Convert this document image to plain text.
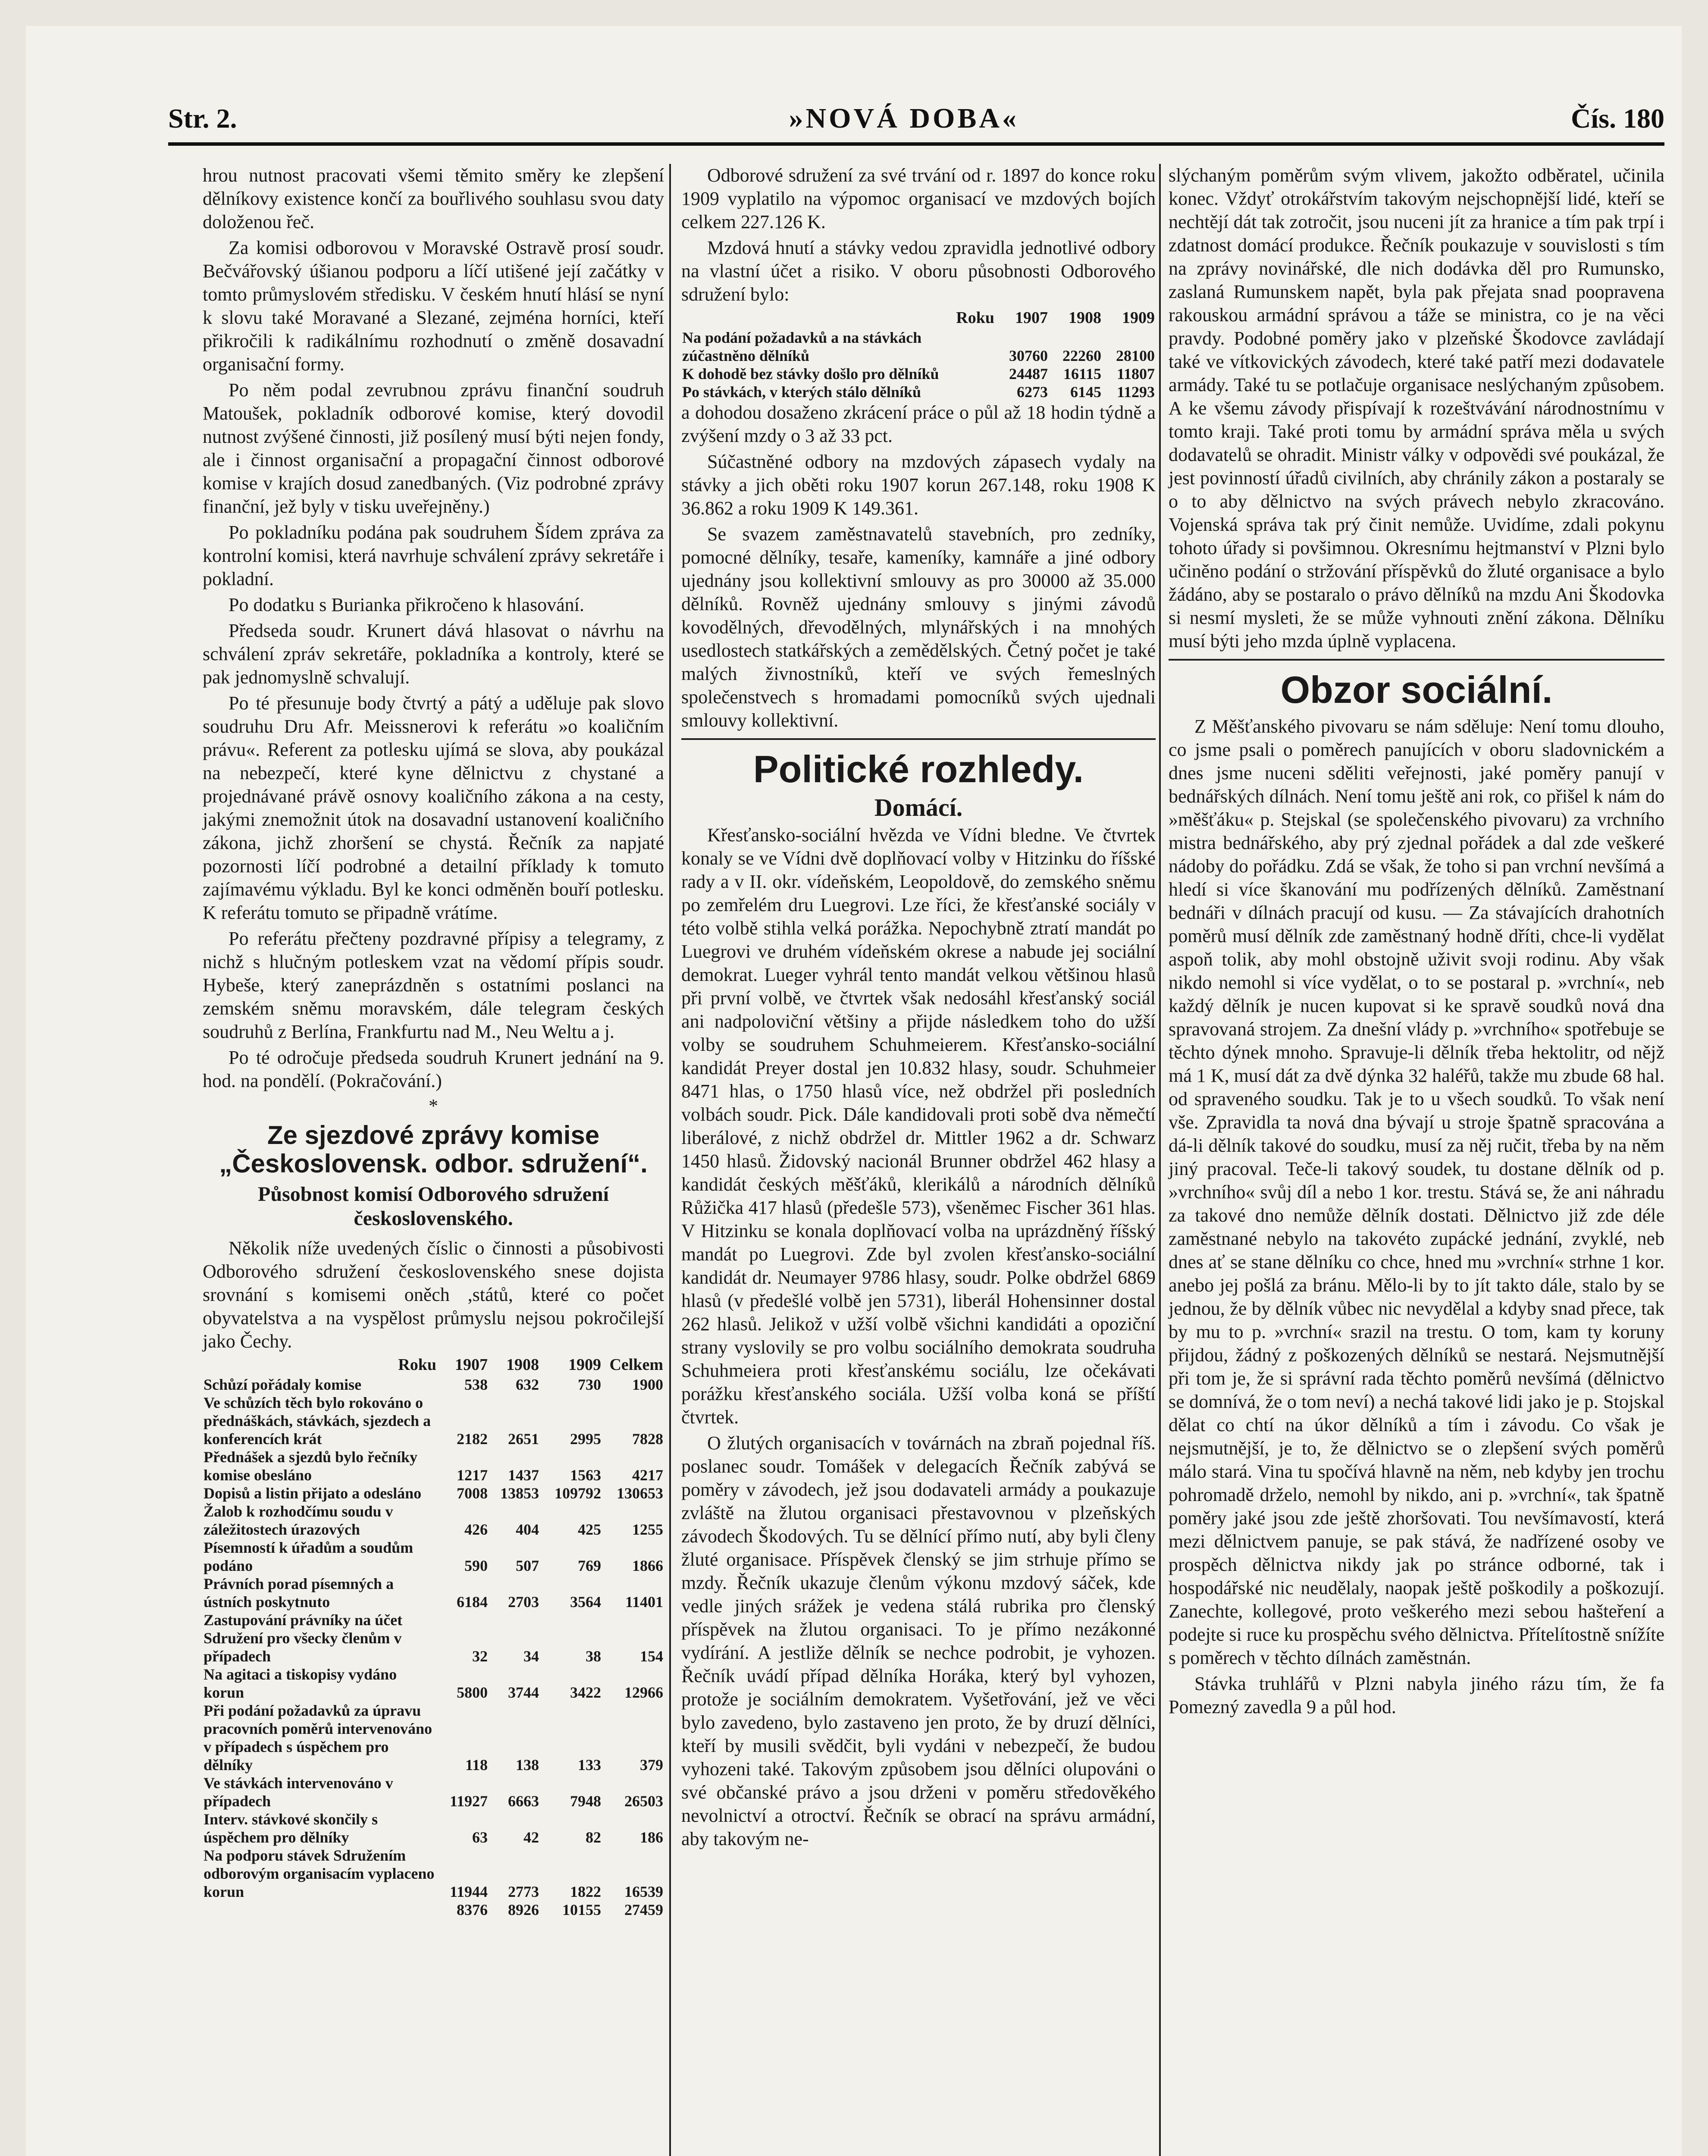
Str. 2.	»NOVÁ DOBA«	Čís. 180

hrou nutnost pracovati všemi těmito směry ke zlepšení dělníkovy existence končí za bouřlivého souhlasu svou daty doloženou řeč.

Za komisi odborovou v Moravské Ostravě prosí soudr. Bečvářovský úšianou podporu a líčí utišené její začátky v tomto průmyslovém středisku. V českém hnutí hlásí se nyní k slovu také Moravané a Slezané, zejména horníci, kteří přikročili k radikálnímu rozhodnutí o změně dosavadní organisační formy.

Po něm podal zevrubnou zprávu finanční soudruh Matoušek, pokladník odborové komise, který dovodil nutnost zvýšené činnosti, již posílený musí býti nejen fondy, ale i činnost organisační a propagační činnost odborové komise v krajích dosud zanedbaných. (Viz podrobné zprávy finanční, jež byly v tisku uveřejněny.)

Po pokladníku podána pak soudruhem Šídem zpráva za kontrolní komisi, která navrhuje schválení zprávy sekretáře i pokladní.

Po dodatku s Burianka přikročeno k hlasování.

Předseda soudr. Krunert dává hlasovat o návrhu na schválení zpráv sekretáře, pokladníka a kontroly, které se pak jednomyslně schvalují.

Po té přesunuje body čtvrtý a pátý a uděluje pak slovo soudruhu Dru Afr. Meissnerovi k referátu »o koaličním právu«. Referent za potlesku ujímá se slova, aby poukázal na nebezpečí, které kyne dělnictvu z chystané a projednávané právě osnovy koaličního zákona a na cesty, jakými znemožnit útok na dosavadní ustanovení koaličního zákona, jichž zhoršení se chystá. Řečník za napjaté pozornosti líčí podrobné a detailní příklady k tomuto zajímavému výkladu. Byl ke konci odměněn bouří potlesku. K referátu tomuto se připadně vrátíme.

Po referátu přečteny pozdravné přípisy a telegramy, z nichž s hlučným potleskem vzat na vědomí přípis soudr. Hybeše, který zaneprázdněn s ostatními poslanci na zemském sněmu moravském, dále telegram českých soudruhů z Berlína, Frankfurtu nad M., Neu Weltu a j.

Po té odročuje předseda soudruh Krunert jednání na 9. hod. na pondělí. (Pokračování.)

*
Ze sjezdové zprávy komise „Československ. odbor. sdružení“.
Působnost komisí Odborového sdružení československého.

Několik níže uvedených číslic o činnosti a působivosti Odborového sdružení československého snese dojista srovnání s komisemi oněch ,států, které co počet obyvatelstva a na vyspělost průmyslu nejsou pokročilejší jako Čechy.

Roku	1907	1908	1909	Celkem
Schůzí pořádaly komise	538	632	730	1900
Ve schůzích těch bylo rokováno o přednáškách, stávkách, sjezdech a konferencích krát	2182	2651	2995	7828
Přednášek a sjezdů bylo řečníky komise obesláno	1217	1437	1563	4217
Dopisů a listin přijato a odesláno	7008	13853	109792	130653
Žalob k rozhodčímu soudu v záležitostech úrazových	426	404	425	1255
Písemností k úřadům a soudům podáno	590	507	769	1866
Právních porad písemných a ústních poskytnuto	6184	2703	3564	11401
Zastupování právníky na účet Sdružení pro všecky členům v případech	32	34	38	154
Na agitaci a tiskopisy vydáno korun	5800	3744	3422	12966
Při podání požadavků za úpravu pracovních poměrů intervenováno v případech s úspěchem pro dělníky	118	138	133	379
Ve stávkách intervenováno v případech	11927	6663	7948	26503
Interv. stávkové skončily s úspěchem pro dělníky	63	42	82	186
Na podporu stávek Sdružením odborovým organisacím vyplaceno korun	11944	2773	1822	16539
	8376	8926	10155	27459

Odborové sdružení za své trvání od r. 1897 do konce roku 1909 vyplatilo na výpomoc organisací ve mzdových bojích celkem 227.126 K.

Mzdová hnutí a stávky vedou zpravidla jednotlivé odbory na vlastní účet a risiko. V oboru působnosti Odborového sdružení bylo:

Roku	1907	1908	1909
Na podání požadavků a na stávkách zúčastněno dělníků	30760	22260	28100
K dohodě bez stávky došlo pro dělníků	24487	16115	11807
Po stávkách, v kterých stálo dělníků	6273	6145	11293

a dohodou dosaženo zkrácení práce o půl až 18 hodin týdně a zvýšení mzdy o 3 až 33 pct.

Súčastněné odbory na mzdových zápasech vydaly na stávky a jich oběti roku 1907 korun 267.148, roku 1908 K 36.862 a roku 1909 K 149.361.

Se svazem zaměstnavatelů stavebních, pro zedníky, pomocné dělníky, tesaře, kameníky, kamnáře a jiné odbory ujednány jsou kollektivní smlouvy as pro 30000 až 35.000 dělníků. Rovněž ujednány smlouvy s jinými závodů kovodělných, dřevodělných, mlynářských i na mnohých usedlostech statkářských a zemědělských. Četný počet je také malých živnostníků, kteří ve svých řemeslných společenstvech s hromadami pomocníků svých ujednali smlouvy kollektivní.

Politické rozhledy.
Domácí.

Křesťansko-sociální hvězda ve Vídni bledne. Ve čtvrtek konaly se ve Vídni dvě doplňovací volby v Hitzinku do říšské rady a v II. okr. vídeňském, Leopoldově, do zemského sněmu po zemřelém dru Luegrovi. Lze říci, že křesťanské sociály v této volbě stihla velká porážka. Nepochybně ztratí mandát po Luegrovi ve druhém vídeňském okrese a nabude jej sociální demokrat. Lueger vyhrál tento mandát velkou většinou hlasů při první volbě, ve čtvrtek však nedosáhl křesťanský sociál ani nadpoloviční většiny a přijde následkem toho do užší volby se soudruhem Schuhmeierem. Křesťansko-sociální kandidát Preyer dostal jen 10.832 hlasy, soudr. Schuhmeier 8471 hlas, o 1750 hlasů více, než obdržel při posledních volbách soudr. Pick. Dále kandidovali proti sobě dva němečtí liberálové, z nichž obdržel dr. Mittler 1962 a dr. Schwarz 1450 hlasů. Židovský nacionál Brunner obdržel 462 hlasy a kandidát českých měšťáků, klerikálů a národních dělníků Růžička 417 hlasů (předešle 573), všeněmec Fischer 361 hlas. V Hitzinku se konala doplňovací volba na uprázdněný říšský mandát po Luegrovi. Zde byl zvolen křesťansko-sociální kandidát dr. Neumayer 9786 hlasy, soudr. Polke obdržel 6869 hlasů (v předešlé volbě jen 5731), liberál Hohensinner dostal 262 hlasů. Jelikož v užší volbě všichni kandidáti a opoziční strany vyslovily se pro volbu sociálního demokrata soudruha Schuhmeiera proti křesťanskému sociálu, lze očekávati porážku křesťanského sociála. Užší volba koná se příští čtvrtek.

O žlutých organisacích v továrnách na zbraň pojednal říš. poslanec soudr. Tomášek v delegacích Řečník zabývá se poměry v závodech, jež jsou dodavateli armády a poukazuje zvláště na žlutou organisaci přestavovnou v plzeňských závodech Škodových. Tu se dělnící přímo nutí, aby byli členy žluté organisace. Příspěvek členský se jim strhuje přímo se mzdy. Řečník ukazuje členům výkonu mzdový sáček, kde vedle jiných srážek je vedena stálá rubrika pro členský příspěvek na žlutou organisaci. To je přímo nezákonné vydírání. A jestliže dělník se nechce podrobit, je vyhozen. Řečník uvádí případ dělníka Horáka, který byl vyhozen, protože je sociálním demokratem. Vyšetřování, jež ve věci bylo zavedeno, bylo zastaveno jen proto, že by druzí dělníci, kteří by musili svědčit, byli vydáni v nebezpečí, že budou vyhozeni také. Takovým způsobem jsou dělníci olupováni o své občanské právo a jsou drženi v poměru středověkého nevolnictví a otroctví. Řečník se obrací na správu armádní, aby takovým ne-

slýchaným poměrům svým vlivem, jakožto odběratel, učinila konec. Vždyť otrokářstvím takovým nejschopnější lidé, kteří se nechtějí dát tak zotročit, jsou nuceni jít za hranice a tím pak trpí i zdatnost domácí produkce. Řečník poukazuje v souvislosti s tím na zprávy novinářské, dle nich dodávka děl pro Rumunsko, zaslaná Rumunskem napět, byla pak přejata snad poopravena rakouskou armádní správou a táže se ministra, co je na věci pravdy. Podobné poměry jako v plzeňské Škodovce zavládají také ve vítkovických závodech, které také patří mezi dodavatele armády. Také tu se potlačuje organisace neslýchaným způsobem. A ke všemu závody přispívají k rozeštvávání národnostnímu v tomto kraji. Také proti tomu by armádní správa měla u svých dodavatelů se ohradit. Ministr války v odpovědi své poukázal, že jest povinností úřadů civilních, aby chránily zákon a postaraly se o to aby dělnictvo na svých právech nebylo zkracováno. Vojenská správa tak prý činit nemůže. Uvidíme, zdali pokynu tohoto úřady si povšimnou. Okresnímu hejtmanství v Plzni bylo učiněno podání o stržování příspěvků do žluté organisace a bylo žádáno, aby se postaralo o právo dělníků na mzdu Ani Škodovka si nesmí mysleti, že se může vyhnouti znění zákona. Dělníku musí býti jeho mzda úplně vyplacena.

Obzor sociální.

Z Měšťanského pivovaru se nám sděluje: Není tomu dlouho, co jsme psali o poměrech panujících v oboru sladovnickém a dnes jsme nuceni sděliti veřejnosti, jaké poměry panují v bednářských dílnách. Není tomu ještě ani rok, co přišel k nám do »měšťáku« p. Stejskal (se společenského pivovaru) za vrchního mistra bednářského, aby prý zjednal pořádek a dal zde veškeré nádoby do pořádku. Zdá se však, že toho si pan vrchní nevšímá a hledí si více škanování mu podřízených dělníků. Zaměstnaní bednáři v dílnách pracují od kusu. — Za stávajících drahotních poměrů musí dělník zde zaměstnaný hodně dříti, chce-li vydělat aspoň tolik, aby mohl obstojně uživit svoji rodinu. Aby však nikdo nemohl si více vydělat, o to se postaral p. »vrchní«, neb každý dělník je nucen kupovat si ke spravě soudků nová dna spravovaná strojem. Za dnešní vlády p. »vrchního« spotřebuje se těchto dýnek mnoho. Spravuje-li dělník třeba hektolitr, od nějž má 1 K, musí dát za dvě dýnka 32 haléřů, takže mu zbude 68 hal. od spraveného soudku. Tak je to u všech soudků. To však není vše. Zpravidla ta nová dna bývají u stroje špatně spracována a dá-li dělník takové do soudku, musí za něj ručit, třeba by na něm jiný pracoval. Teče-li takový soudek, tu dostane dělník od p. »vrchního« svůj díl a nebo 1 kor. trestu. Stává se, že ani náhradu za takové dno nemůže dělník dostati. Dělnictvo již zde déle zaměstnané nebylo na takovéto zupácké jednání, zvyklé, neb dnes ať se stane dělníku co chce, hned mu »vrchní« strhne 1 kor. anebo jej pošlá za bránu. Mělo-li by to jít takto dále, stalo by se jednou, že by dělník vůbec nic nevydělal a kdyby snad přece, tak by mu to p. »vrchní« srazil na trestu. O tom, kam ty koruny přijdou, žádný z poškozených dělníků se nestará. Nejsmutnější při tom je, že si správní rada těchto poměrů nevšímá (dělnictvo se domnívá, že o tom neví) a nechá takové lidi jako je p. Stojskal dělat co chtí na úkor dělníků a tím i závodu. Co však je nejsmutnější, je to, že dělnictvo se o zlepšení svých poměrů málo stará. Vina tu spočívá hlavně na něm, neb kdyby jen trochu pohromadě drželo, nemohl by nikdo, ani p. »vrchní«, tak špatně poměry jaké jsou zde ještě zhoršovati. Tou nevšímavostí, která mezi dělnictvem panuje, se pak stává, že nadřízené osoby ve prospěch dělnictva nikdy jak po stránce odborné, tak i hospodářské nic neudělaly, naopak ještě poškodily a poškozují. Zanechte, kollegové, proto veškerého mezi sebou hašteření a podejte si ruce ku prospěchu svého dělnictva. Přítelítostně snížíte s poměrech v těchto dílnách zaměstnán.

Stávka truhlářů v Plzni nabyla jiného rázu tím, že fa Pomezný zavedla 9 a půl hod.
